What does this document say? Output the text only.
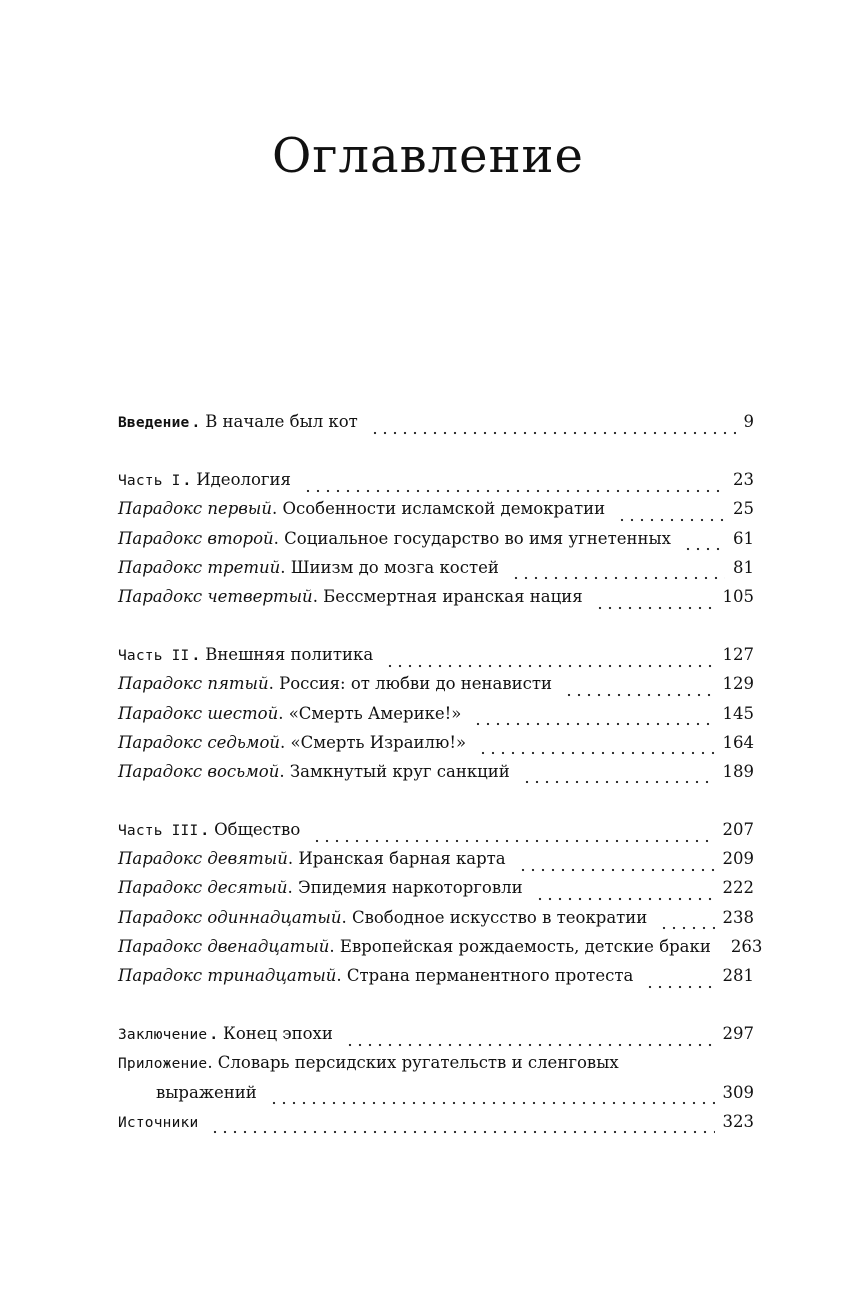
Оглавление
Введение . В начале был кот	9
Часть I . Идеология	23
Парадокс первый . Особенности исламской демократии	25
Парадокс второй . Социальное государство во имя угнетенных	61
Парадокс третий . Шиизм до мозга костей	81
Парадокс четвертый . Бессмертная иранская нация	105
Часть II . Внешняя политика	127
Парадокс пятый . Россия: от любви до ненависти	129
Парадокс шестой . «Смерть Америке!»	145
Парадокс седьмой . «Смерть Израилю!»	164
Парадокс восьмой . Замкнутый круг санкций	189
Часть III . Общество	207
Парадокс девятый . Иранская барная карта	209
Парадокс десятый . Эпидемия наркоторговли	222
Парадокс одиннадцатый . Свободное искусство в теократии	238
Парадокс двенадцатый . Европейская рождаемость, детские браки 263
Парадокс тринадцатый . Страна перманентного протеста	281
Заключение . Конец эпохи	297
Приложение . Словарь персидских ругательств и сленговых
выражений	309
Источники	323
